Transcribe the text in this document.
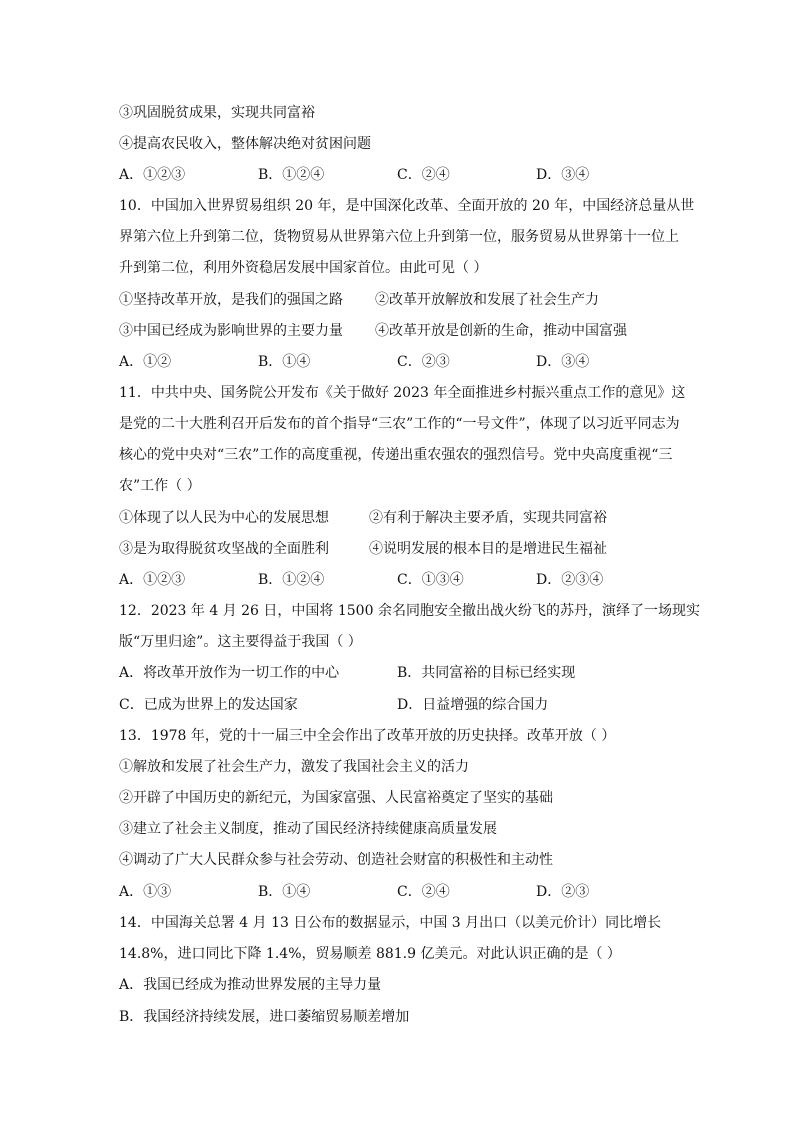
③巩固脱贫成果，实现共同富裕
④提高农民收入，整体解决绝对贫困问题
A．①②③	B．①②④	C．②④	D．③④
10．中国加入世界贸易组织 20 年，是中国深化改革、全面开放的 20 年，中国经济总量从世
界第六位上升到第二位，货物贸易从世界第六位上升到第一位，服务贸易从世界第十一位上
升到第二位，利用外资稳居发展中国家首位。由此可见（ ）
①坚持改革开放，是我们的强国之路 ②改革开放解放和发展了社会生产力
③中国已经成为影响世界的主要力量 ④改革开放是创新的生命，推动中国富强
A．①②	B．①④	C．②③	D．③④
11．中共中央、国务院公开发布《关于做好 2023 年全面推进乡村振兴重点工作的意见》这
是党的二十大胜利召开后发布的首个指导“三农”工作的“一号文件”，体现了以习近平同志为
核心的党中央对“三农”工作的高度重视，传递出重农强农的强烈信号。党中央高度重视“三
农”工作（ ）
①体现了以人民为中心的发展思想	②有利于解决主要矛盾，实现共同富裕
③是为取得脱贫攻坚战的全面胜利	④说明发展的根本目的是增进民生福祉
A．①②③	B．①②④	C．①③④	D．②③④
12．2023 年 4 月 26 日，中国将 1500 余名同胞安全撤出战火纷飞的苏丹，演绎了一场现实
版“万里归途”。这主要得益于我国（ ）
A．将改革开放作为一切工作的中心	B．共同富裕的目标已经实现
C．已成为世界上的发达国家	D．日益增强的综合国力
13．1978 年，党的十一届三中全会作出了改革开放的历史抉择。改革开放（ ）
①解放和发展了社会生产力，激发了我国社会主义的活力
②开辟了中国历史的新纪元，为国家富强、人民富裕奠定了坚实的基础
③建立了社会主义制度，推动了国民经济持续健康高质量发展
④调动了广大人民群众参与社会劳动、创造社会财富的积极性和主动性
A．①③	B．①④	C．②④	D．②③
14．中国海关总署 4 月 13 日公布的数据显示，中国 3 月出口（以美元价计）同比增长
14.8%，进口同比下降 1.4%，贸易顺差 881.9 亿美元。对此认识正确的是（ ）
A．我国已经成为推动世界发展的主导力量
B．我国经济持续发展，进口萎缩贸易顺差增加
